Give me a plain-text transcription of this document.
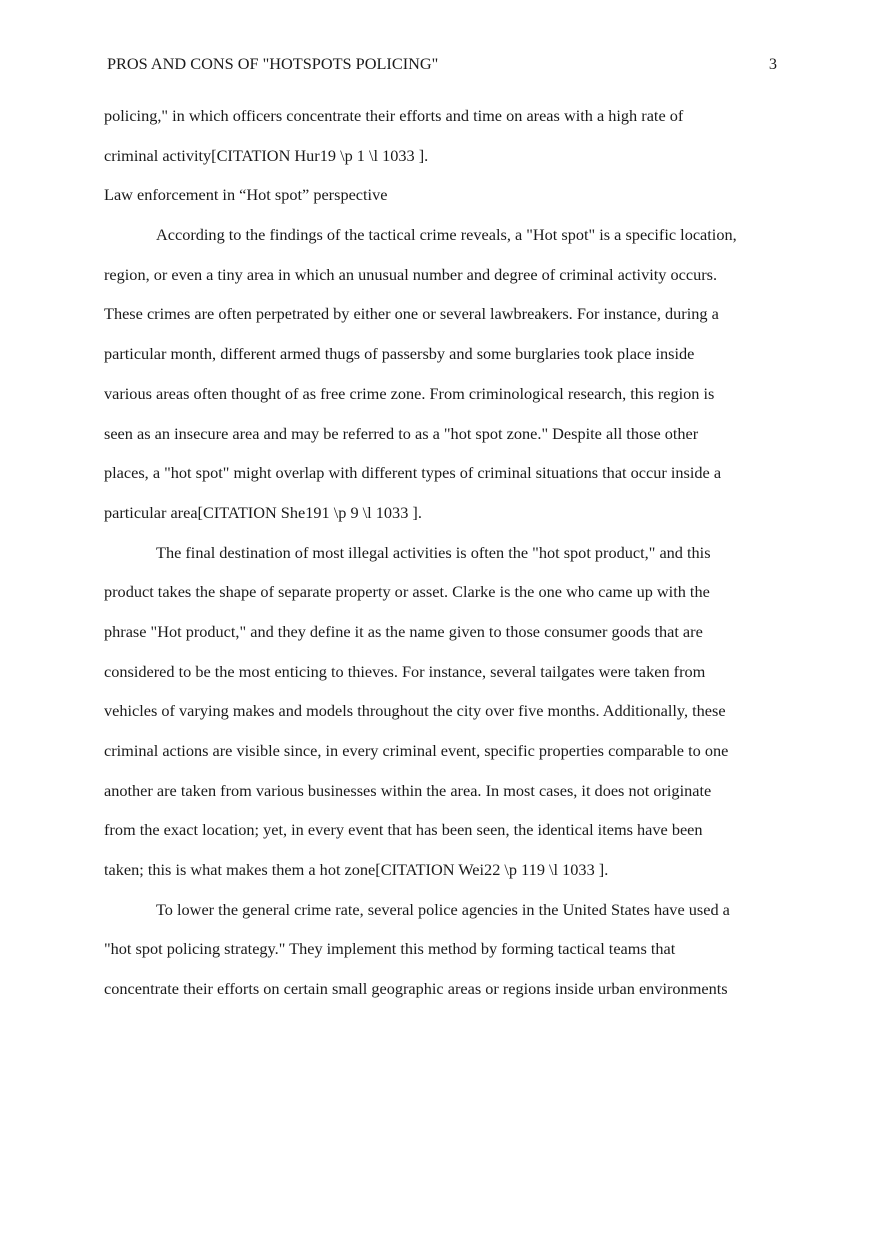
PROS AND CONS OF "HOTSPOTS POLICING"	3
policing," in which officers concentrate their efforts and time on areas with a high rate of
criminal activity[CITATION Hur19 \p 1 \l 1033 ].
Law enforcement in “Hot spot” perspective
According to the findings of the tactical crime reveals, a "Hot spot" is a specific location,
region, or even a tiny area in which an unusual number and degree of criminal activity occurs.
These crimes are often perpetrated by either one or several lawbreakers. For instance, during a
particular month, different armed thugs of passersby and some burglaries took place inside
various areas often thought of as free crime zone. From criminological research, this region is
seen as an insecure area and may be referred to as a "hot spot zone." Despite all those other
places, a "hot spot" might overlap with different types of criminal situations that occur inside a
particular area[CITATION She191 \p 9 \l 1033 ].
The final destination of most illegal activities is often the "hot spot product," and this
product takes the shape of separate property or asset. Clarke is the one who came up with the
phrase "Hot product," and they define it as the name given to those consumer goods that are
considered to be the most enticing to thieves. For instance, several tailgates were taken from
vehicles of varying makes and models throughout the city over five months. Additionally, these
criminal actions are visible since, in every criminal event, specific properties comparable to one
another are taken from various businesses within the area. In most cases, it does not originate
from the exact location; yet, in every event that has been seen, the identical items have been
taken; this is what makes them a hot zone[CITATION Wei22 \p 119 \l 1033 ].
To lower the general crime rate, several police agencies in the United States have used a
"hot spot policing strategy." They implement this method by forming tactical teams that
concentrate their efforts on certain small geographic areas or regions inside urban environments
